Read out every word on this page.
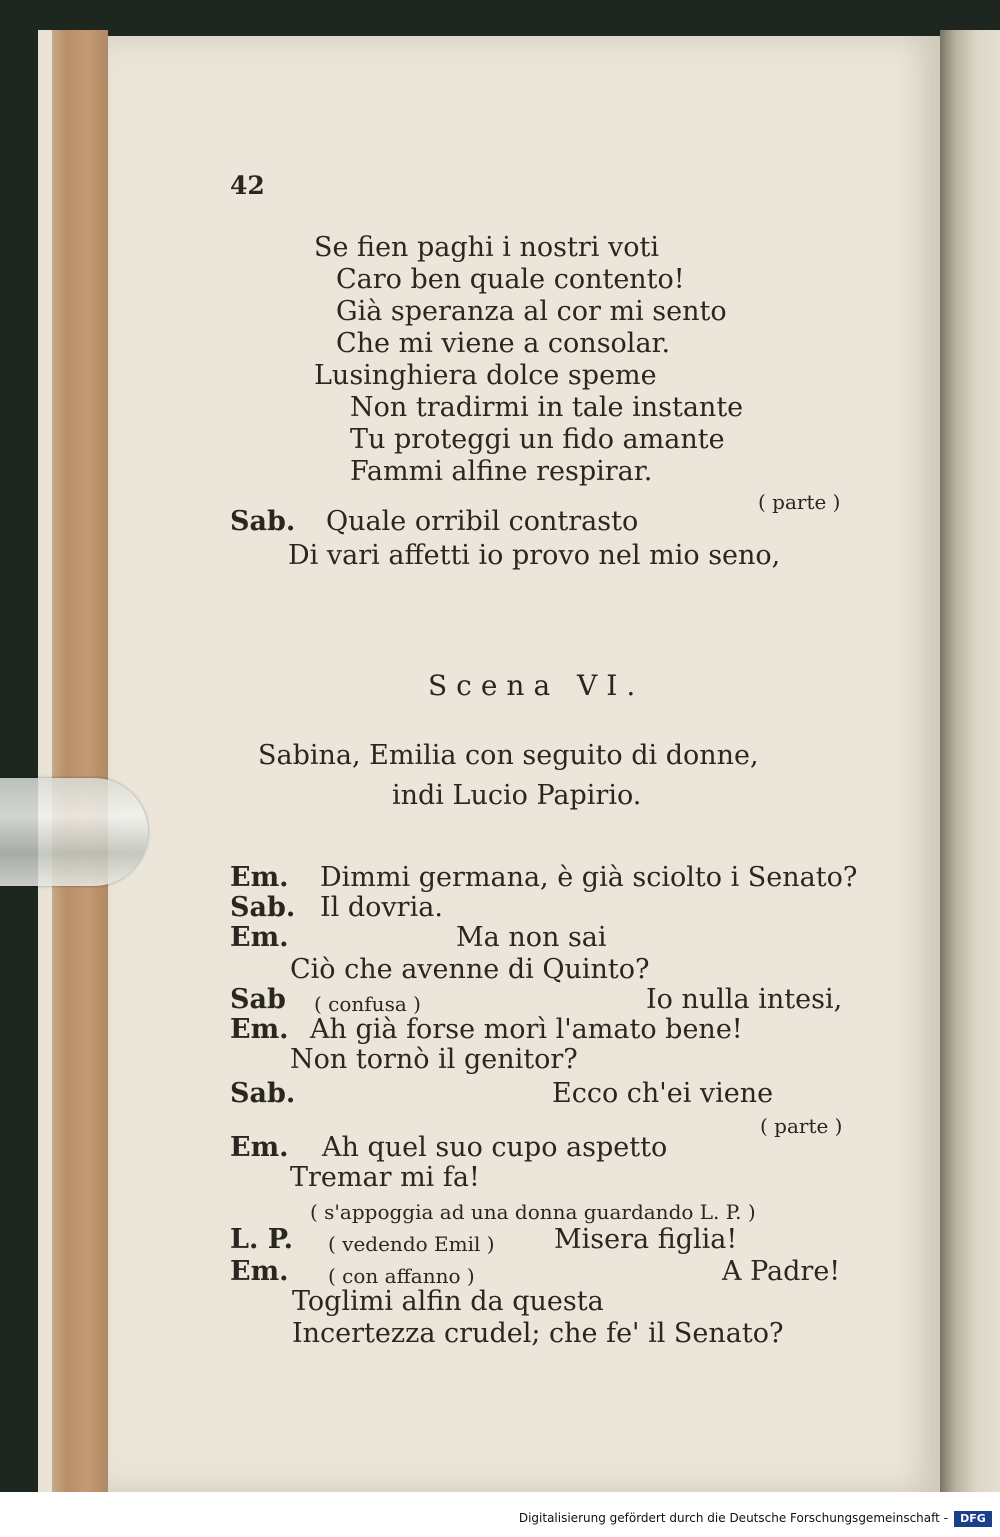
42
Se fien paghi i nostri voti
Caro ben quale contento!
Già speranza al cor mi sento
Che mi viene a consolar.
Lusinghiera dolce speme
Non tradirmi in tale instante
Tu proteggi un fido amante
Fammi alfine respirar.
( parte )
Sab. Quale orribil contrasto
Di vari affetti io provo nel mio seno,
Scena VI.
Sabina, Emilia con seguito di donne,
indi Lucio Papirio.
Em. Dimmi germana, è già sciolto i Senato?
Sab. Il dovria.
Em.	Ma non sai
Ciò che avenne di Quinto?
Sab ( confusa )	Io nulla intesi,
Em. Ah già forse morì l'amato bene!
Non tornò il genitor?
Sab.	Ecco ch'ei viene
( parte )
Em. Ah quel suo cupo aspetto
Tremar mi fa!
( s'appoggia ad una donna guardando L. P. )
L. P. ( vedendo Emil ) Misera figlia!
Em. ( con affanno )	A Padre!
Toglimi alfin da questa
Incertezza crudel; che fe' il Senato?
Digitalisierung gefördert durch die Deutsche Forschungsgemeinschaft -	DFG
